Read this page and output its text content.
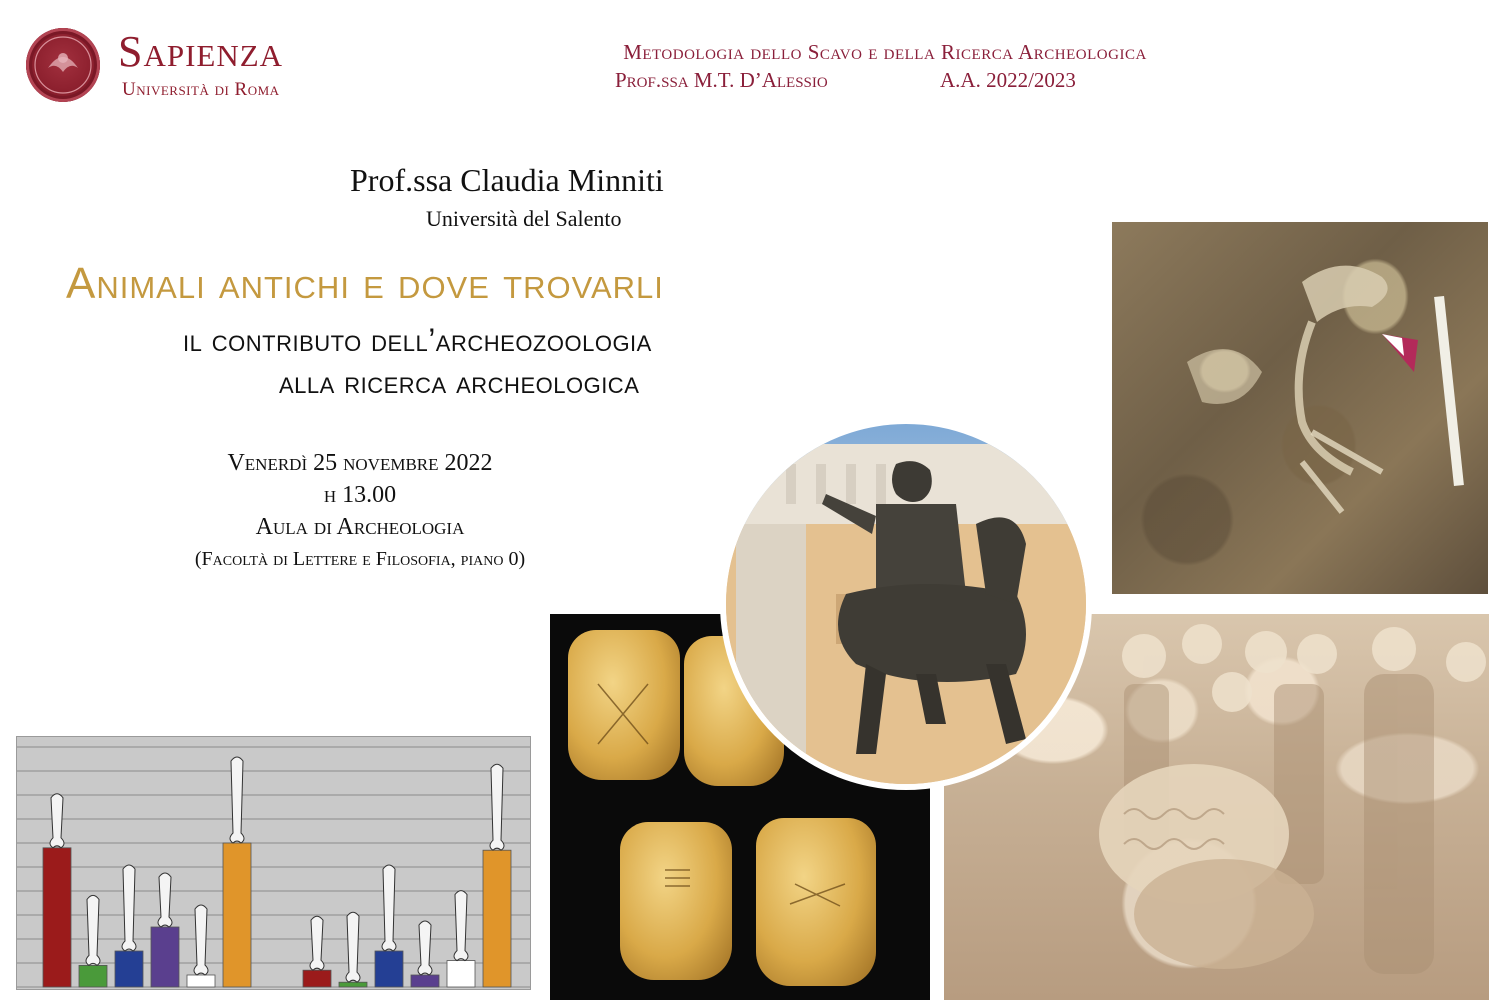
Sapienza
Università di Roma
Metodologia dello Scavo e della Ricerca Archeologica
Prof.ssa M.T. D’Alessio	A.A. 2022/2023
Prof.ssa Claudia Minniti
Università del Salento
Animali antichi e dove trovarli
il contributo dell’archeozoologia
alla ricerca archeologica
Venerdì 25 novembre 2022
h 13.00
Aula di Archeologia
(Facoltà di Lettere e Filosofia, piano 0)
